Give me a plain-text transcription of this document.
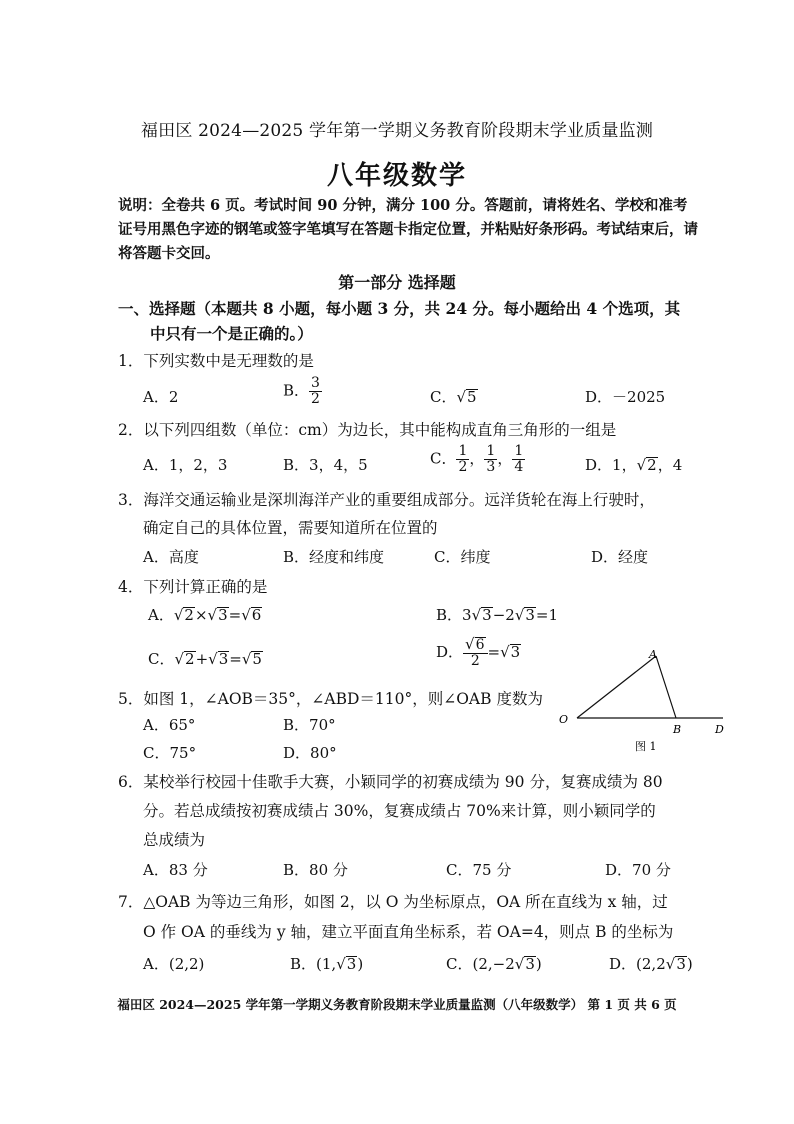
福田区 2024—2025 学年第一学期义务教育阶段期末学业质量监测
八年级数学
说明：全卷共 6 页。考试时间 90 分钟，满分 100 分。答题前，请将姓名、学校和准考证号用黑色字迹的钢笔或签字笔填写在答题卡指定位置，并粘贴好条形码。考试结束后，请将答题卡交回。
第一部分 选择题
一、选择题（本题共 8 小题，每小题 3 分，共 24 分。每小题给出 4 个选项，其
中只有一个是正确的。）
1．下列实数中是无理数的是
A．2	B． $\frac{3}{2}$	C．√5	D．－2025
2．以下列四组数（单位：cm）为边长，其中能构成直角三角形的一组是
A．1，2，3	B．3，4，5	C． $\frac{1}{2}$ ， $\frac{1}{3}$ ， $\frac{1}{4}$	D．1，√2，4
3．海洋交通运输业是深圳海洋产业的重要组成部分。远洋货轮在海上行驶时，
确定自己的具体位置，需要知道所在位置的
A．高度	B．经度和纬度	C．纬度	D．经度
4．下列计算正确的是
A．√2×√3=√6	B．3√3−2√3=1
C．√2+√3=√5	D． $\frac{√6}{2} =√3$
5．如图 1，∠AOB＝35°，∠ABD＝110°，则∠OAB 度数为
A．65°	B．70°
C．75°	D．80°
A
O
B	D
图 1
6．某校举行校园十佳歌手大赛，小颖同学的初赛成绩为 90 分，复赛成绩为 80
分。若总成绩按初赛成绩占 30%，复赛成绩占 70%来计算，则小颖同学的
总成绩为
A．83 分	B．80 分	C．75 分	D．70 分
7．△OAB 为等边三角形，如图 2，以 O 为坐标原点，OA 所在直线为 x 轴，过
O 作 OA 的垂线为 y 轴，建立平面直角坐标系，若 OA=4，则点 B 的坐标为
A．(2,2)	B．(1,√3)	C．(2,−2√3)	D．(2,2√3)
福田区 2024—2025 学年第一学期义务教育阶段期末学业质量监测（八年级数学） 第 1 页 共 6 页
